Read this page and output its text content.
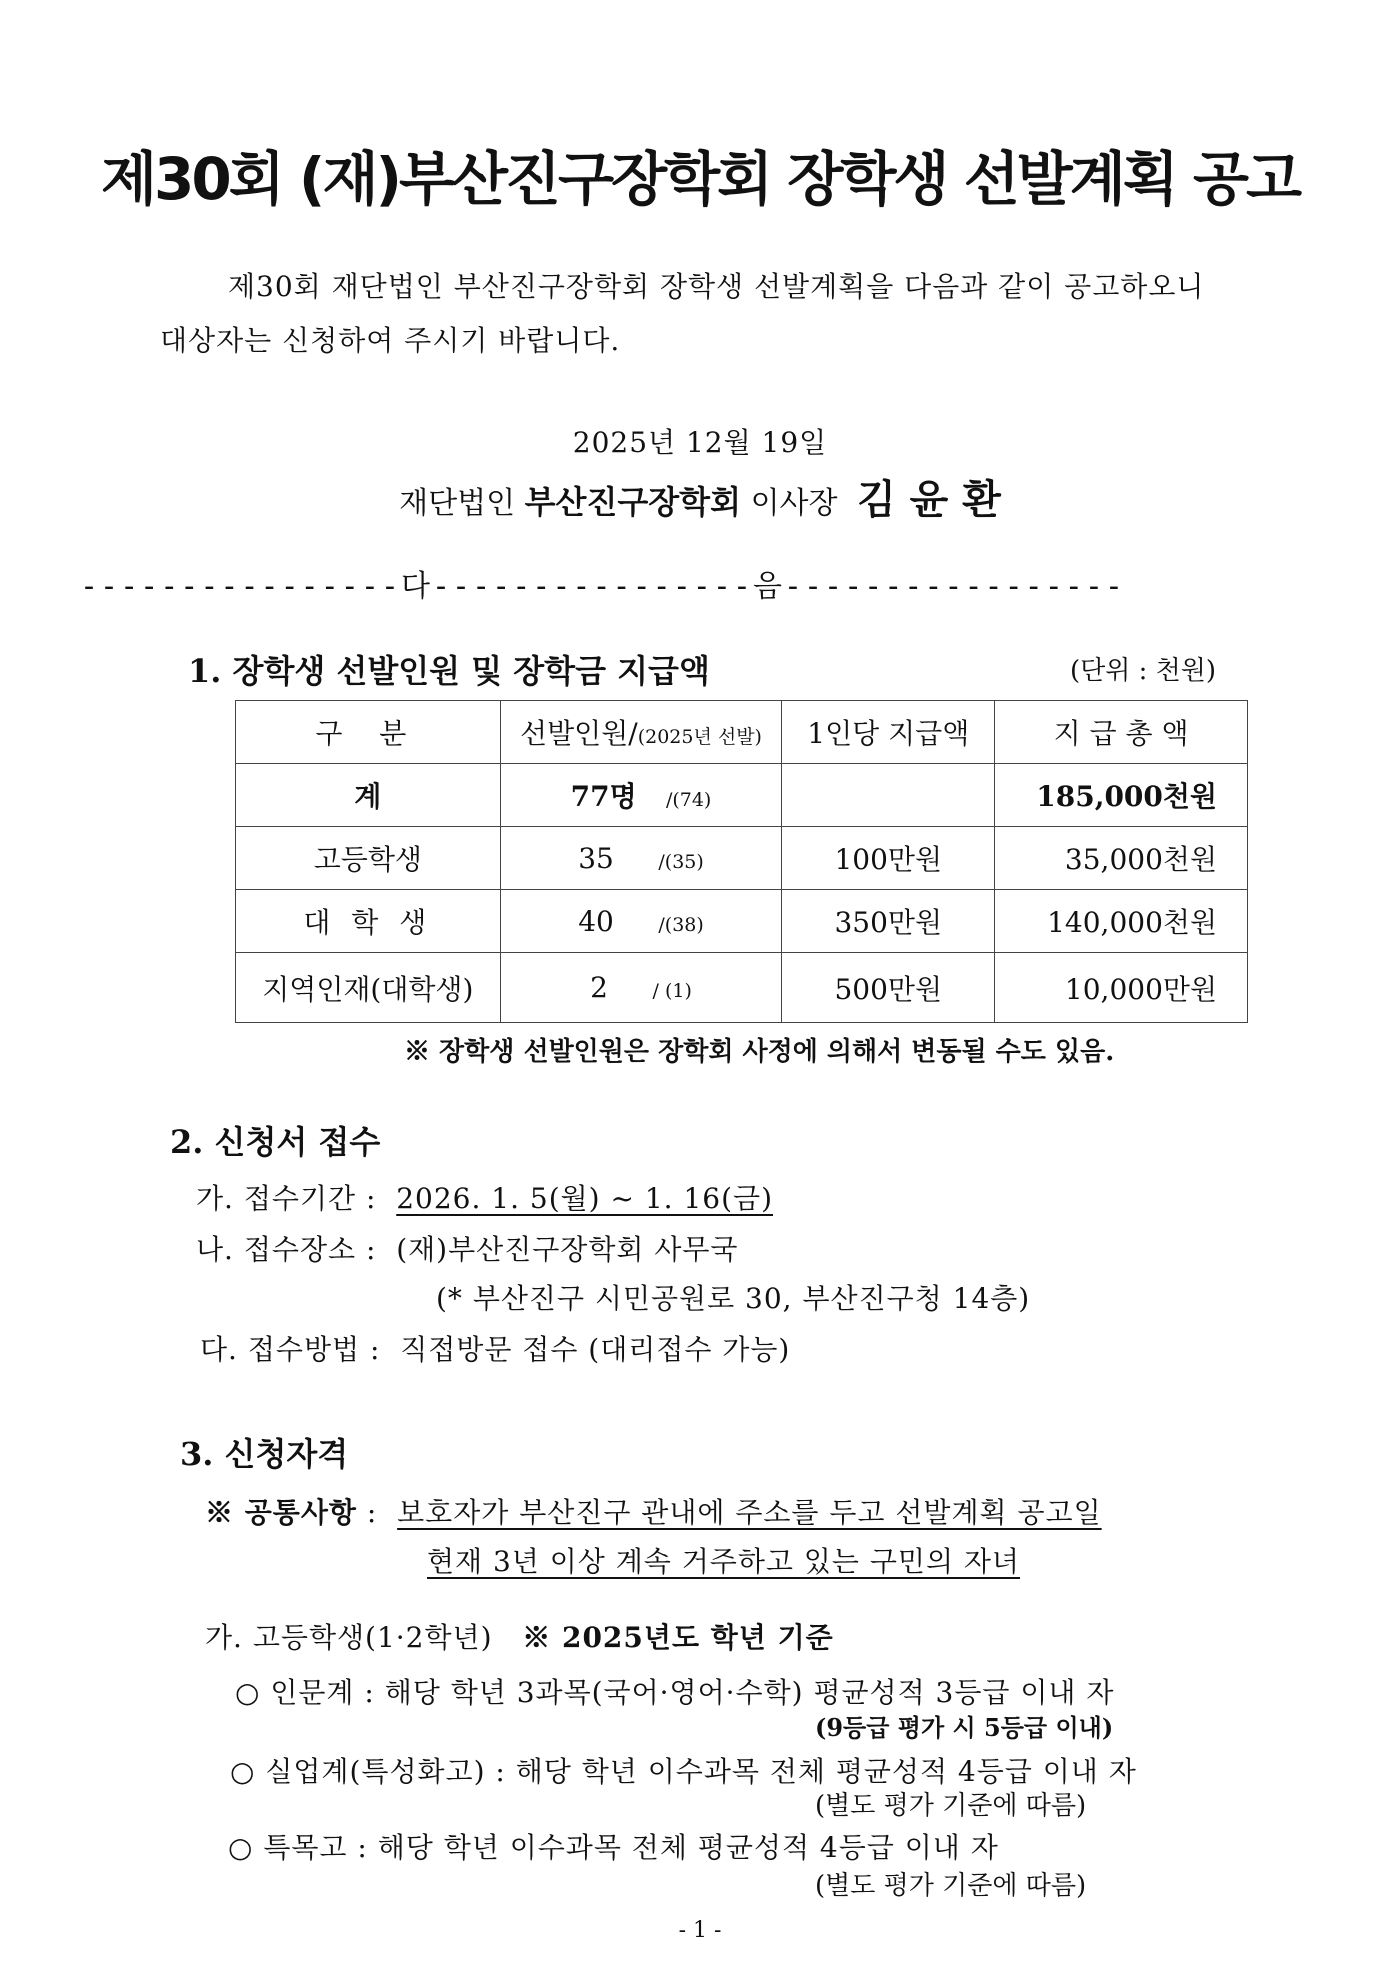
제30회 (재)부산진구장학회 장학생 선발계획 공고
제30회 재단법인 부산진구장학회 장학생 선발계획을 다음과 같이 공고하오니
대상자는 신청하여 주시기 바랍니다.
2025년 12월 19일
재단법인 부산진구장학회 이사장 김 윤 환
----------------다----------------음-----------------
1. 장학생 선발인원 및 장학금 지급액	(단위 : 천원)
구 분	선발인원/(2025년 선발)	1인당 지급액	지 급 총 액
계	77명 /(74)		185,000천원
고등학생	35 /(35)	100만원	35,000천원
대 학 생	40 /(38)	350만원	140,000천원
지역인재(대학생)	2 / (1)	500만원	10,000만원
※ 장학생 선발인원은 장학회 사정에 의해서 변동될 수도 있음.
2. 신청서 접수
가. 접수기간 : 2026. 1. 5(월) ~ 1. 16(금)
나. 접수장소 : (재)부산진구장학회 사무국
(* 부산진구 시민공원로 30, 부산진구청 14층)
다. 접수방법 : 직접방문 접수 (대리접수 가능)
3. 신청자격
※ 공통사항 : 보호자가 부산진구 관내에 주소를 두고 선발계획 공고일
현재 3년 이상 계속 거주하고 있는 구민의 자녀
가. 고등학생(1·2학년) ※ 2025년도 학년 기준
○ 인문계 : 해당 학년 3과목(국어·영어·수학) 평균성적 3등급 이내 자
(9등급 평가 시 5등급 이내)
○ 실업계(특성화고) : 해당 학년 이수과목 전체 평균성적 4등급 이내 자
(별도 평가 기준에 따름)
○ 특목고 : 해당 학년 이수과목 전체 평균성적 4등급 이내 자
(별도 평가 기준에 따름)
- 1 -
